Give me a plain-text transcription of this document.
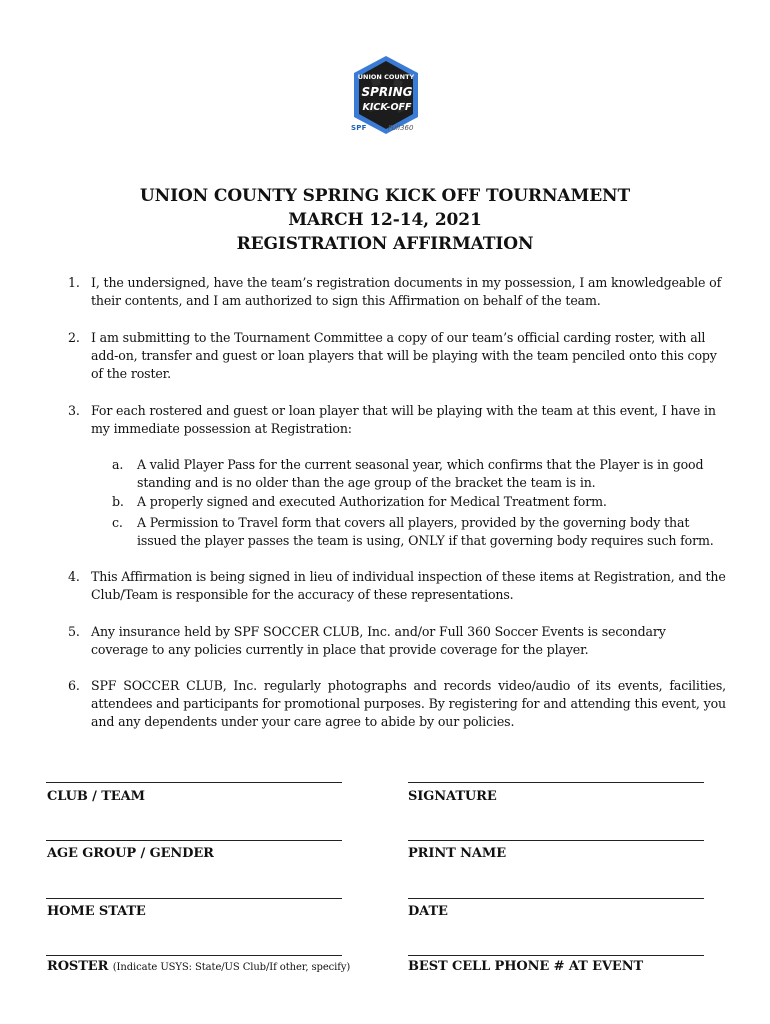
UNION COUNTY
SPRING
KICK-OFF
SPF	Full360
UNION COUNTY SPRING KICK OFF TOURNAMENT
MARCH 12-14, 2021
REGISTRATION AFFIRMATION
1. I, the undersigned, have the team’s registration documents in my possession, I am knowledgeable of their contents, and I am authorized to sign this Affirmation on behalf of the team.
2. I am submitting to the Tournament Committee a copy of our team’s official carding roster, with all add-on, transfer and guest or loan players that will be playing with the team penciled onto this copy of the roster.
3. For each rostered and guest or loan player that will be playing with the team at this event, I have in my immediate possession at Registration:
a. A valid Player Pass for the current seasonal year, which confirms that the Player is in good standing and is no older than the age group of the bracket the team is in.
b. A properly signed and executed Authorization for Medical Treatment form.
c. A Permission to Travel form that covers all players, provided by the governing body that issued the player passes the team is using, ONLY if that governing body requires such form.
4. This Affirmation is being signed in lieu of individual inspection of these items at Registration, and the Club/Team is responsible for the accuracy of these representations.
5. Any insurance held by SPF SOCCER CLUB, Inc. and/or Full 360 Soccer Events is secondary coverage to any policies currently in place that provide coverage for the player.
6. SPF SOCCER CLUB, Inc. regularly photographs and records video/audio of its events, facilities, attendees and participants for promotional purposes. By registering for and attending this event, you and any dependents under your care agree to abide by our policies.
CLUB / TEAM	SIGNATURE
AGE GROUP / GENDER	PRINT NAME
HOME STATE	DATE
ROSTER (Indicate USYS: State/US Club/If other, specify)	BEST CELL PHONE # AT EVENT
